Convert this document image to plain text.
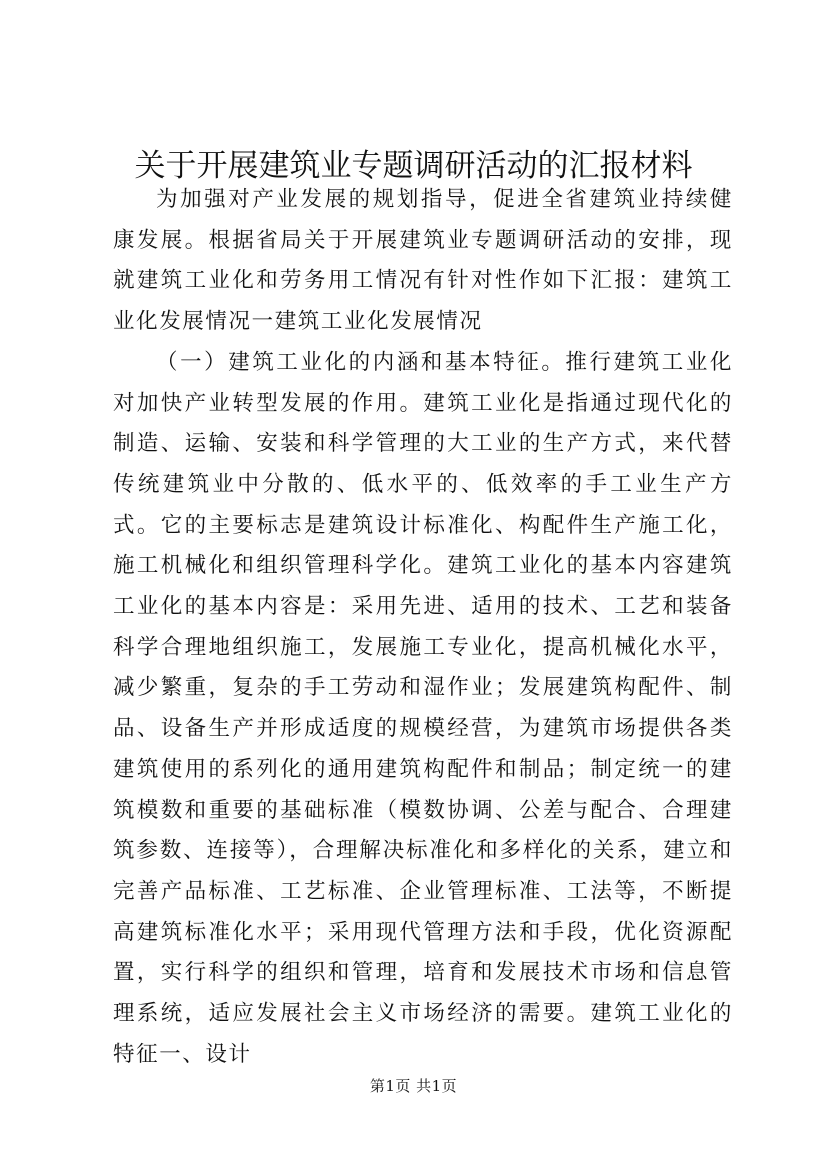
关于开展建筑业专题调研活动的汇报材料

为加强对产业发展的规划指导，促进全省建筑业持续健康发展。根据省局关于开展建筑业专题调研活动的安排，现就建筑工业化和劳务用工情况有针对性作如下汇报：建筑工业化发展情况一建筑工业化发展情况

（一）建筑工业化的内涵和基本特征。推行建筑工业化对加快产业转型发展的作用。建筑工业化是指通过现代化的制造、运输、安装和科学管理的大工业的生产方式，来代替传统建筑业中分散的、低水平的、低效率的手工业生产方式。它的主要标志是建筑设计标准化、构配件生产施工化，施工机械化和组织管理科学化。建筑工业化的基本内容建筑工业化的基本内容是：采用先进、适用的技术、工艺和装备科学合理地组织施工，发展施工专业化，提高机械化水平，减少繁重，复杂的手工劳动和湿作业；发展建筑构配件、制品、设备生产并形成适度的规模经营，为建筑市场提供各类建筑使用的系列化的通用建筑构配件和制品；制定统一的建筑模数和重要的基础标准（模数协调、公差与配合、合理建筑参数、连接等），合理解决标准化和多样化的关系，建立和完善产品标准、工艺标准、企业管理标准、工法等，不断提高建筑标准化水平；采用现代管理方法和手段，优化资源配置，实行科学的组织和管理，培育和发展技术市场和信息管理系统，适应发展社会主义市场经济的需要。建筑工业化的特征一、设计

第1页 共1页
